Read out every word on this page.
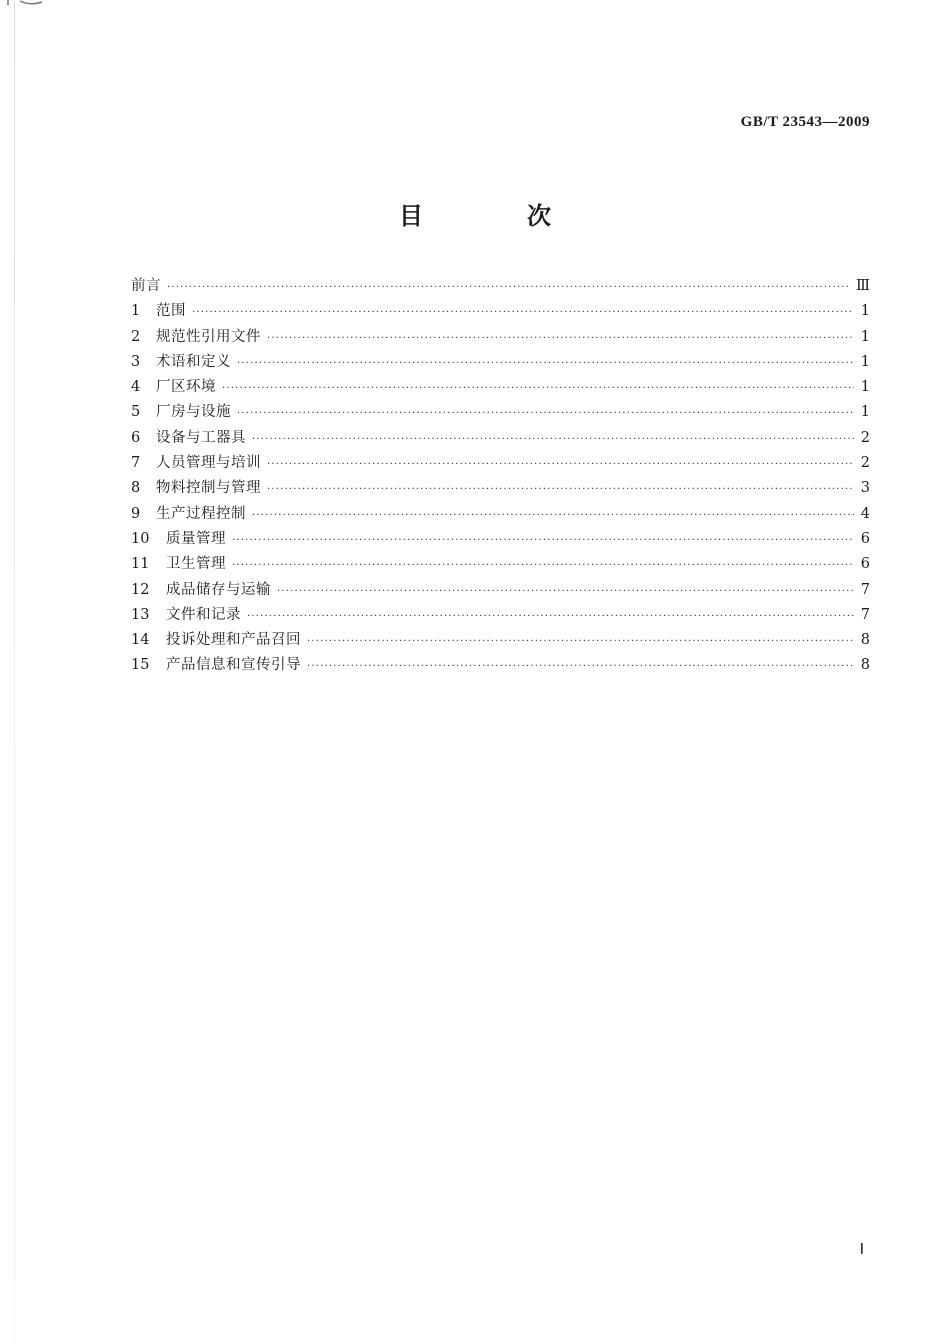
GB/T 23543—2009
目　次
前言 ·····	Ⅲ
1	范围 ·····	1
2	规范性引用文件 ·····	1
3	术语和定义 ·····	1
4	厂区环境 ·····	1
5	厂房与设施 ·····	1
6	设备与工器具 ·····	2
7	人员管理与培训 ·····	2
8	物料控制与管理 ·····	3
9	生产过程控制 ·····	4
10	质量管理 ·····	6
11	卫生管理 ·····	6
12	成品储存与运输 ·····	7
13	文件和记录 ·····	7
14	投诉处理和产品召回 ·····	8
15	产品信息和宣传引导 ·····	8
Ⅰ
